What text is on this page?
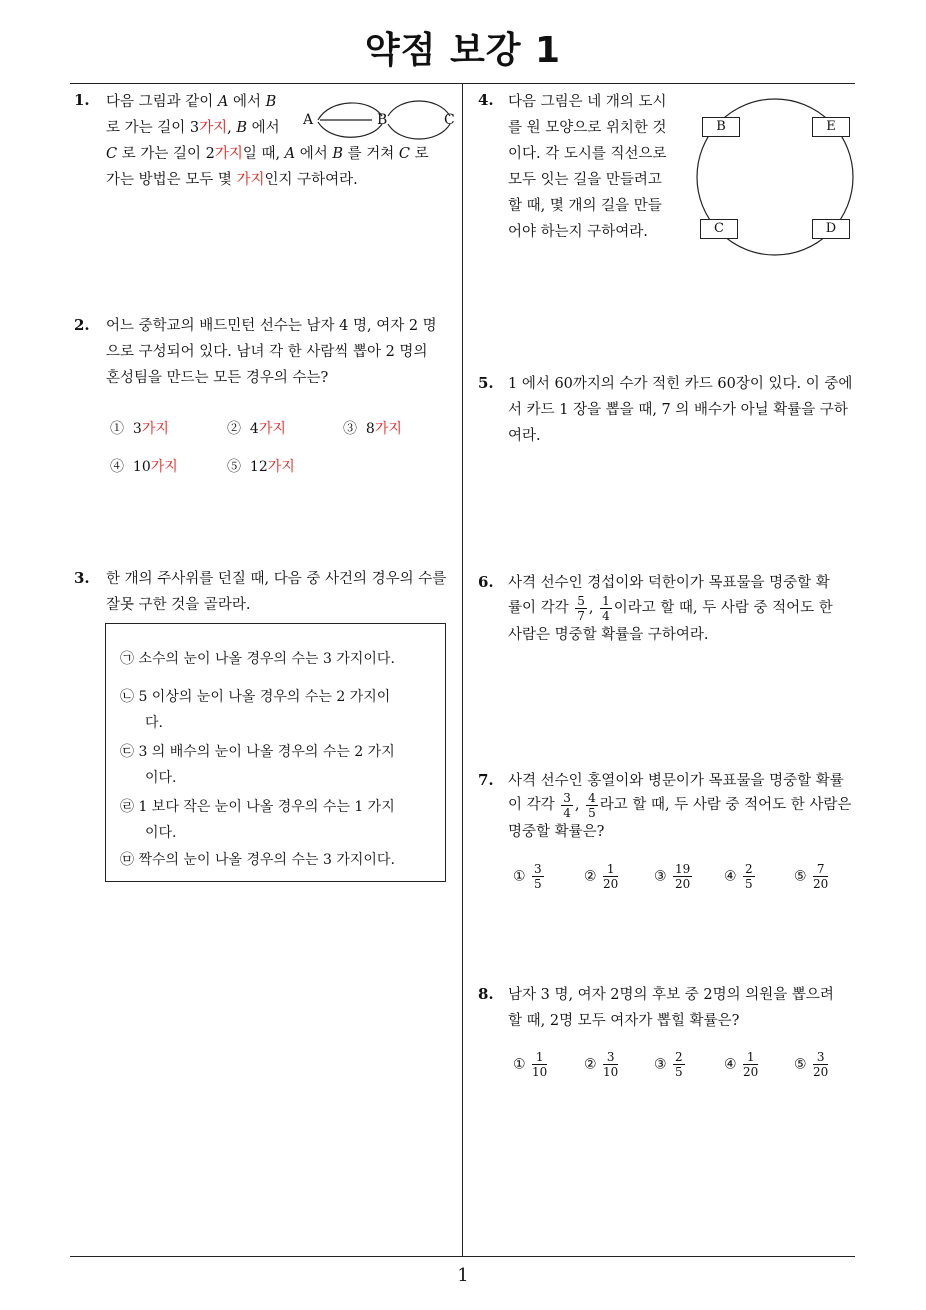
약점 보강 1
1
1. 다음 그림과 같이 A 에서 B
로 가는 길이 3가지, B 에서
C 로 가는 길이 2가지일 때, A 에서 B 를 거쳐 C 로
가는 방법은 모두 몇 가지인지 구하여라.
A	B	C
2. 어느 중학교의 배드민턴 선수는 남자 4 명, 여자 2 명
으로 구성되어 있다. 남녀 각 한 사람씩 뽑아 2 명의
혼성팀을 만드는 모든 경우의 수는?
① 3가지	② 4가지	③ 8가지
④ 10가지	⑤ 12가지
3. 한 개의 주사위를 던질 때, 다음 중 사건의 경우의 수를
잘못 구한 것을 골라라.
㉠ 소수의 눈이 나올 경우의 수는 3 가지이다.
㉡ 5 이상의 눈이 나올 경우의 수는 2 가지이
다.
㉢ 3 의 배수의 눈이 나올 경우의 수는 2 가지
이다.
㉣ 1 보다 작은 눈이 나올 경우의 수는 1 가지
이다.
㉤ 짝수의 눈이 나올 경우의 수는 3 가지이다.
4. 다음 그림은 네 개의 도시
를 원 모양으로 위치한 것
이다. 각 도시를 직선으로
모두 잇는 길을 만들려고
할 때, 몇 개의 길을 만들
어야 하는지 구하여라.
B	E
C	D
5. 1 에서 60까지의 수가 적힌 카드 60장이 있다. 이 중에
서 카드 1 장을 뽑을 때, 7 의 배수가 아닐 확률을 구하
여라.
6. 사격 선수인 경섭이와 덕한이가 목표물을 명중할 확
률이 각각 $\frac{5}{7}$ , $\frac{1}{4}$ 이라고 할 때, 두 사람 중 적어도 한
사람은 명중할 확률을 구하여라.
7. 사격 선수인 홍열이와 병문이가 목표물을 명중할 확률
이 각각 $\frac{3}{4}$ , $\frac{4}{5}$ 라고 할 때, 두 사람 중 적어도 한 사람은
명중할 확률은?
① $\frac{3}{5}$	② $\frac{1}{20}$	③ $\frac{19}{20}$ ④ $\frac{2}{5}$	⑤ $\frac{7}{20}$
8. 남자 3 명, 여자 2명의 후보 중 2명의 의원을 뽑으려
할 때, 2명 모두 여자가 뽑힐 확률은?
① $\frac{1}{10}$	② $\frac{3}{10}$	③ $\frac{2}{5}$	④ $\frac{1}{20}$	⑤ $\frac{3}{20}$
